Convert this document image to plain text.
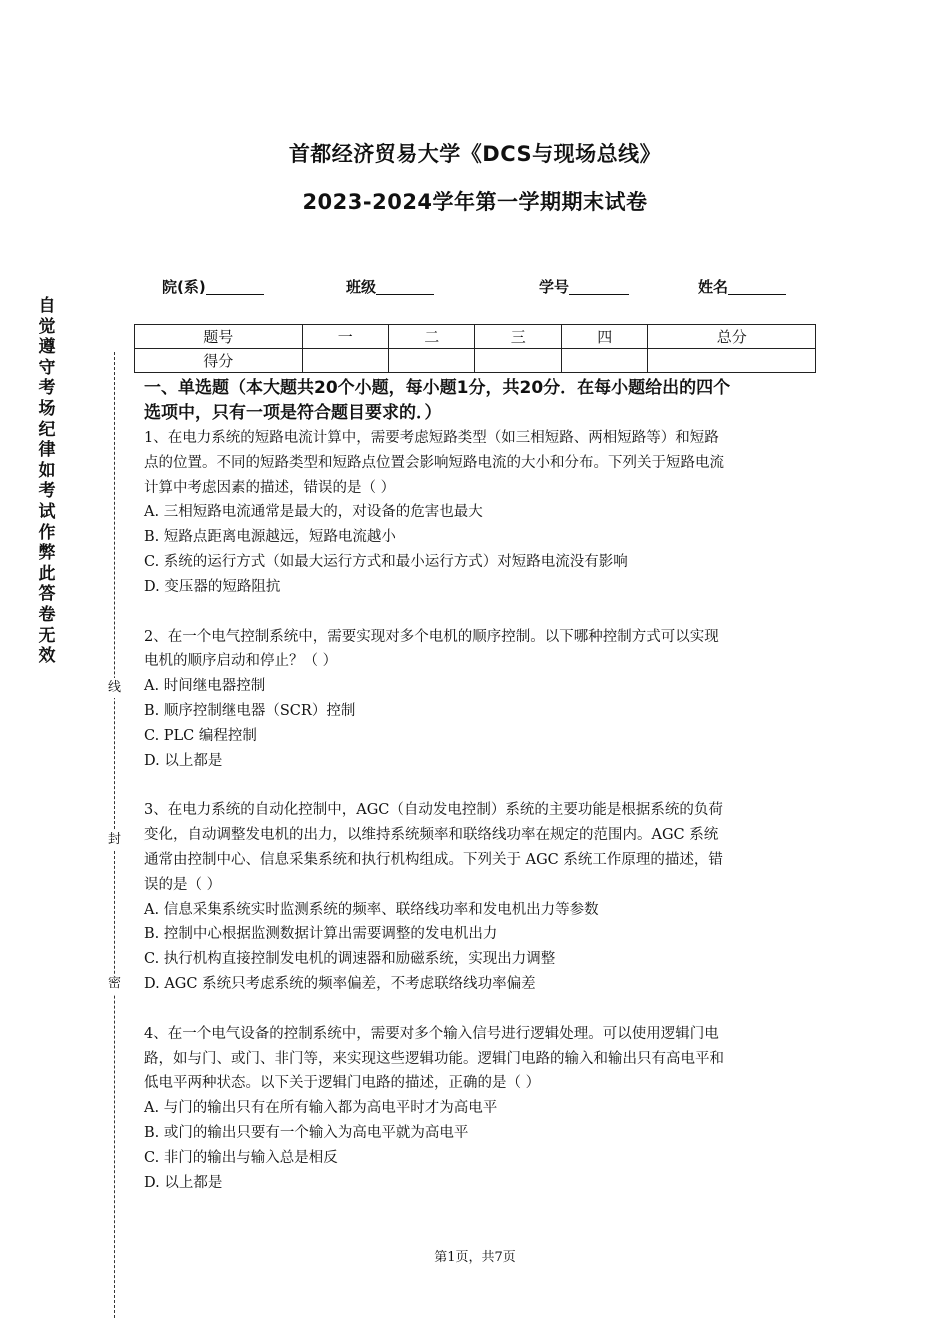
首都经济贸易大学《DCS与现场总线》
2023-2024学年第一学期期末试卷
院(系)	班级	学号	姓名
题号	一	二	三	四	总分
得分					
自
觉
遵
守
考
场
纪
律
如
考
试
作
弊
此
答
卷
无
效
线
封
密

一、单选题（本大题共20个小题，每小题1分，共20分．在每小题给出的四个

选项中，只有一项是符合题目要求的．）

1、在电力系统的短路电流计算中，需要考虑短路类型（如三相短路、两相短路等）和短路

点的位置。不同的短路类型和短路点位置会影响短路电流的大小和分布。下列关于短路电流

计算中考虑因素的描述，错误的是（ ）

A. 三相短路电流通常是最大的，对设备的危害也最大

B. 短路点距离电源越远，短路电流越小

C. 系统的运行方式（如最大运行方式和最小运行方式）对短路电流没有影响

D. 变压器的短路阻抗

2、在一个电气控制系统中，需要实现对多个电机的顺序控制。以下哪种控制方式可以实现

电机的顺序启动和停止？（ ）

A. 时间继电器控制

B. 顺序控制继电器（SCR）控制

C. PLC 编程控制

D. 以上都是

3、在电力系统的自动化控制中，AGC（自动发电控制）系统的主要功能是根据系统的负荷

变化，自动调整发电机的出力，以维持系统频率和联络线功率在规定的范围内。AGC 系统

通常由控制中心、信息采集系统和执行机构组成。下列关于 AGC 系统工作原理的描述，错

误的是（ ）

A. 信息采集系统实时监测系统的频率、联络线功率和发电机出力等参数

B. 控制中心根据监测数据计算出需要调整的发电机出力

C. 执行机构直接控制发电机的调速器和励磁系统，实现出力调整

D. AGC 系统只考虑系统的频率偏差，不考虑联络线功率偏差

4、在一个电气设备的控制系统中，需要对多个输入信号进行逻辑处理。可以使用逻辑门电

路，如与门、或门、非门等，来实现这些逻辑功能。逻辑门电路的输入和输出只有高电平和

低电平两种状态。以下关于逻辑门电路的描述，正确的是（ ）

A. 与门的输出只有在所有输入都为高电平时才为高电平

B. 或门的输出只要有一个输入为高电平就为高电平

C. 非门的输出与输入总是相反

D. 以上都是

第1页，共7页
